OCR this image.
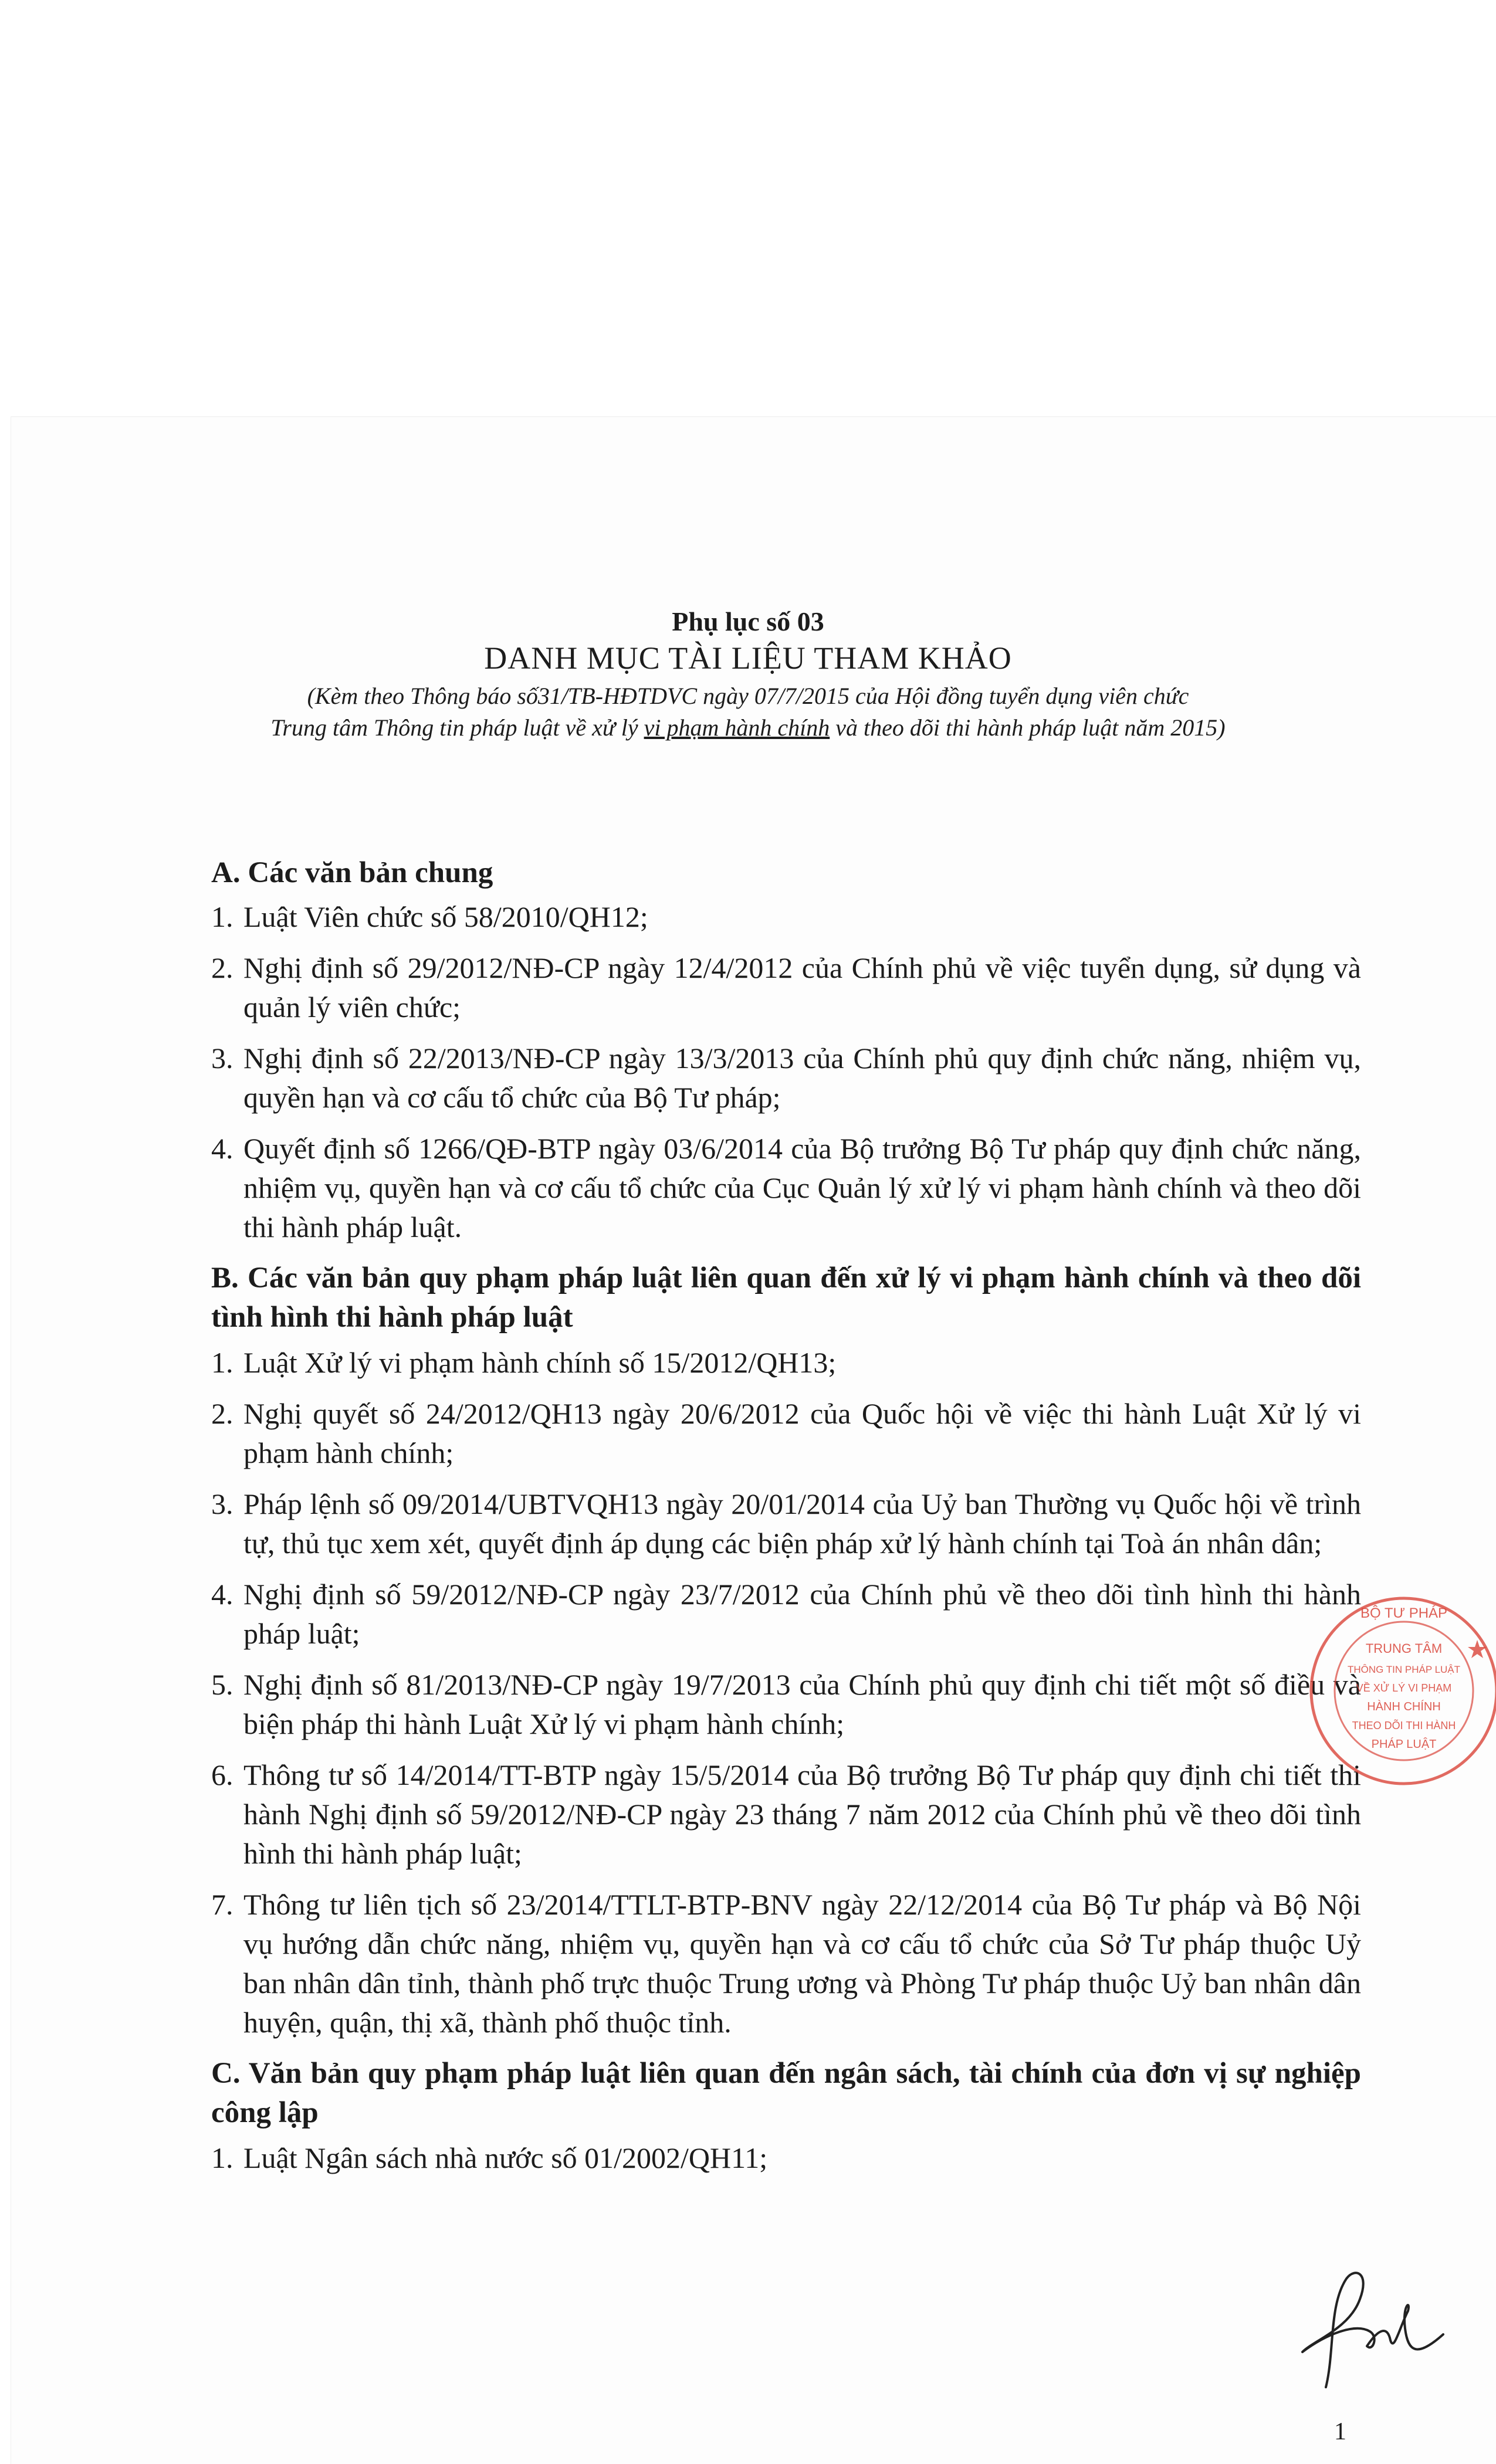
Phụ lục số 03
DANH MỤC TÀI LIỆU THAM KHẢO
(Kèm theo Thông báo số31/TB-HĐTDVC ngày 07/7/2015 của Hội đồng tuyển dụng viên chức
Trung tâm Thông tin pháp luật về xử lý vi phạm hành chính và theo dõi thi hành pháp luật năm 2015)

A. Các văn bản chung

1. Luật Viên chức số 58/2010/QH12;
2. Nghị định số 29/2012/NĐ-CP ngày 12/4/2012 của Chính phủ về việc tuyển dụng, sử dụng và quản lý viên chức;
3. Nghị định số 22/2013/NĐ-CP ngày 13/3/2013 của Chính phủ quy định chức năng, nhiệm vụ, quyền hạn và cơ cấu tổ chức của Bộ Tư pháp;
4. Quyết định số 1266/QĐ-BTP ngày 03/6/2014 của Bộ trưởng Bộ Tư pháp quy định chức năng, nhiệm vụ, quyền hạn và cơ cấu tổ chức của Cục Quản lý xử lý vi phạm hành chính và theo dõi thi hành pháp luật.

B. Các văn bản quy phạm pháp luật liên quan đến xử lý vi phạm hành chính và theo dõi tình hình thi hành pháp luật

1. Luật Xử lý vi phạm hành chính số 15/2012/QH13;
2. Nghị quyết số 24/2012/QH13 ngày 20/6/2012 của Quốc hội về việc thi hành Luật Xử lý vi phạm hành chính;
3. Pháp lệnh số 09/2014/UBTVQH13 ngày 20/01/2014 của Uỷ ban Thường vụ Quốc hội về trình tự, thủ tục xem xét, quyết định áp dụng các biện pháp xử lý hành chính tại Toà án nhân dân;
4. Nghị định số 59/2012/NĐ-CP ngày 23/7/2012 của Chính phủ về theo dõi tình hình thi hành pháp luật;
5. Nghị định số 81/2013/NĐ-CP ngày 19/7/2013 của Chính phủ quy định chi tiết một số điều và biện pháp thi hành Luật Xử lý vi phạm hành chính;
6. Thông tư số 14/2014/TT-BTP ngày 15/5/2014 của Bộ trưởng Bộ Tư pháp quy định chi tiết thi hành Nghị định số 59/2012/NĐ-CP ngày 23 tháng 7 năm 2012 của Chính phủ về theo dõi tình hình thi hành pháp luật;
7. Thông tư liên tịch số 23/2014/TTLT-BTP-BNV ngày 22/12/2014 của Bộ Tư pháp và Bộ Nội vụ hướng dẫn chức năng, nhiệm vụ, quyền hạn và cơ cấu tổ chức của Sở Tư pháp thuộc Uỷ ban nhân dân tỉnh, thành phố trực thuộc Trung ương và Phòng Tư pháp thuộc Uỷ ban nhân dân huyện, quận, thị xã, thành phố thuộc tỉnh.

C. Văn bản quy phạm pháp luật liên quan đến ngân sách, tài chính của đơn vị sự nghiệp công lập

1. Luật Ngân sách nhà nước số 01/2002/QH11;
BỘ TƯ PHÁP
TRUNG TÂM
THÔNG TIN PHÁP LUẬT
VỀ XỬ LÝ VI PHẠM
HÀNH CHÍNH
THEO DÕI THI HÀNH
PHÁP LUẬT
1
